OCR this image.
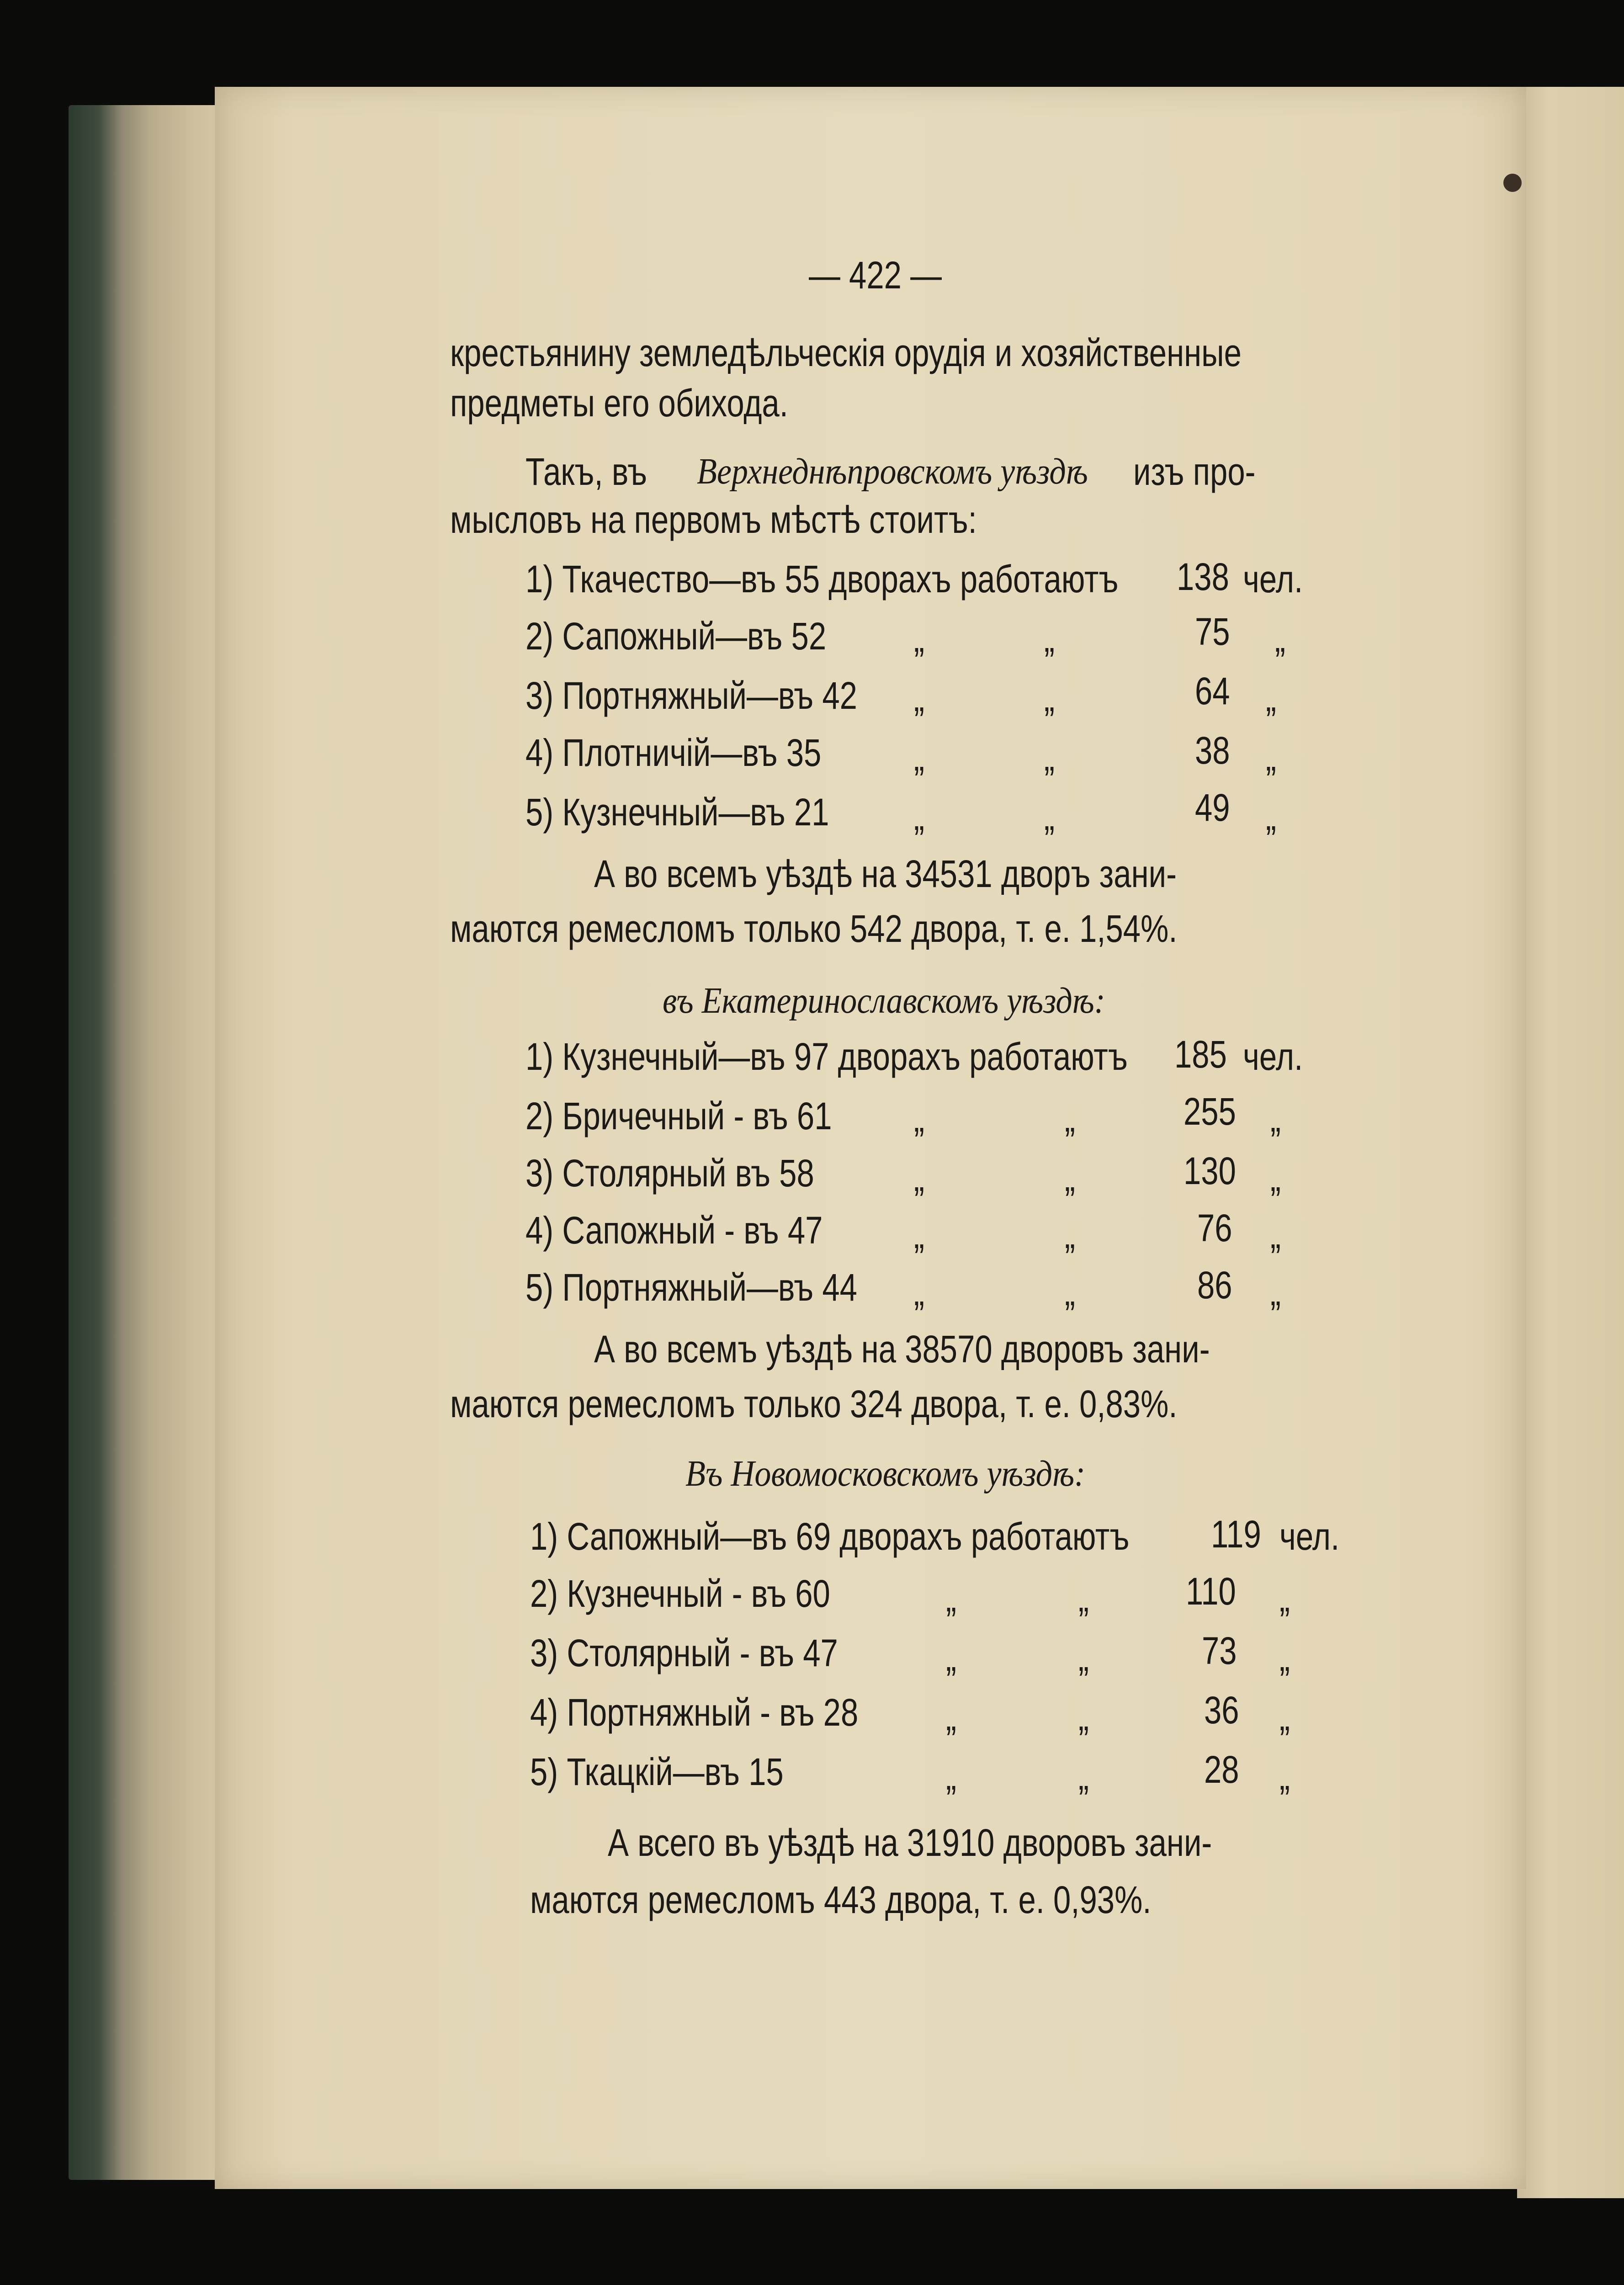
— 422 —
крестьянину земледѣльческія орудія и хозяйственные
предметы его обихода.
Такъ, въ Верхнеднѣпровскомъ уѣздѣ изъ про-
мысловъ на первомъ мѣстѣ стоитъ:
1) Ткачество—въ 55 дворахъ работаютъ 138 чел.
2) Сапожный—въ 52 „	„	75 „
3) Портняжный—въ 42 „	„	64 „
4) Плотничій—въ 35 „	„	38 „
5) Кузнечный—въ 21 „	„	49 „
А во всемъ уѣздѣ на 34531 дворъ зани-
маются ремесломъ только 542 двора, т. е. 1,54%.
въ Екатеринославскомъ уѣздѣ:
1) Кузнечный—въ 97 дворахъ работаютъ 185 чел.
2) Бричечный - въ 61 „	„	255 „
3) Столярный въ 58	„	„	130 „
4) Сапожный - въ 47 „	„	76 „
5) Портняжный—въ 44 „	„	86 „
А во всемъ уѣздѣ на 38570 дворовъ зани-
маются ремесломъ только 324 двора, т. е. 0,83%.
Въ Новомосковскомъ уѣздѣ:
1) Сапожный—въ 69 дворахъ работаютъ 119 чел.
2) Кузнечный - въ 60	„	„	110 „
3) Столярный - въ 47	„	„	73 „
4) Портняжный - въ 28 „	„	36 „
5) Ткацкій—въ 15	„	„	28 „
А всего въ уѣздѣ на 31910 дворовъ зани-
маются ремесломъ 443 двора, т. е. 0,93%.
